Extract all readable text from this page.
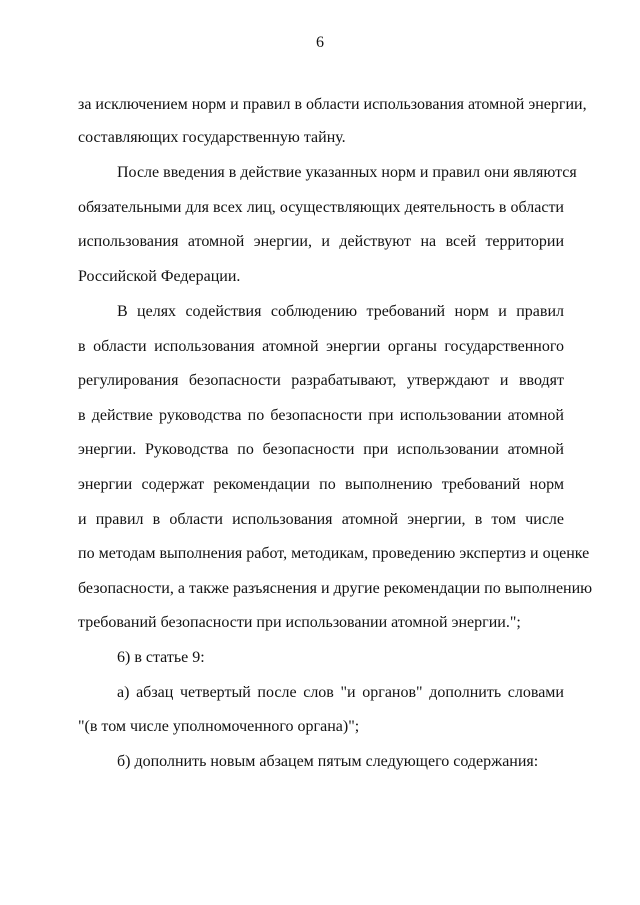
6
за исключением норм и правил в области использования атомной энергии,
составляющих государственную тайну.
После введения в действие указанных норм и правил они являются
обязательными для всех лиц, осуществляющих деятельность в области
использования атомной энергии, и действуют на всей территории
Российской Федерации.
В целях содействия соблюдению требований норм и правил
в области использования атомной энергии органы государственного
регулирования безопасности разрабатывают, утверждают и вводят
в действие руководства по безопасности при использовании атомной
энергии. Руководства по безопасности при использовании атомной
энергии содержат рекомендации по выполнению требований норм
и правил в области использования атомной энергии, в том числе
по методам выполнения работ, методикам, проведению экспертиз и оценке
безопасности, а также разъяснения и другие рекомендации по выполнению
требований безопасности при использовании атомной энергии.";
6) в статье 9:
а) абзац четвертый после слов "и органов" дополнить словами
"(в том числе уполномоченного органа)";
б) дополнить новым абзацем пятым следующего содержания:
